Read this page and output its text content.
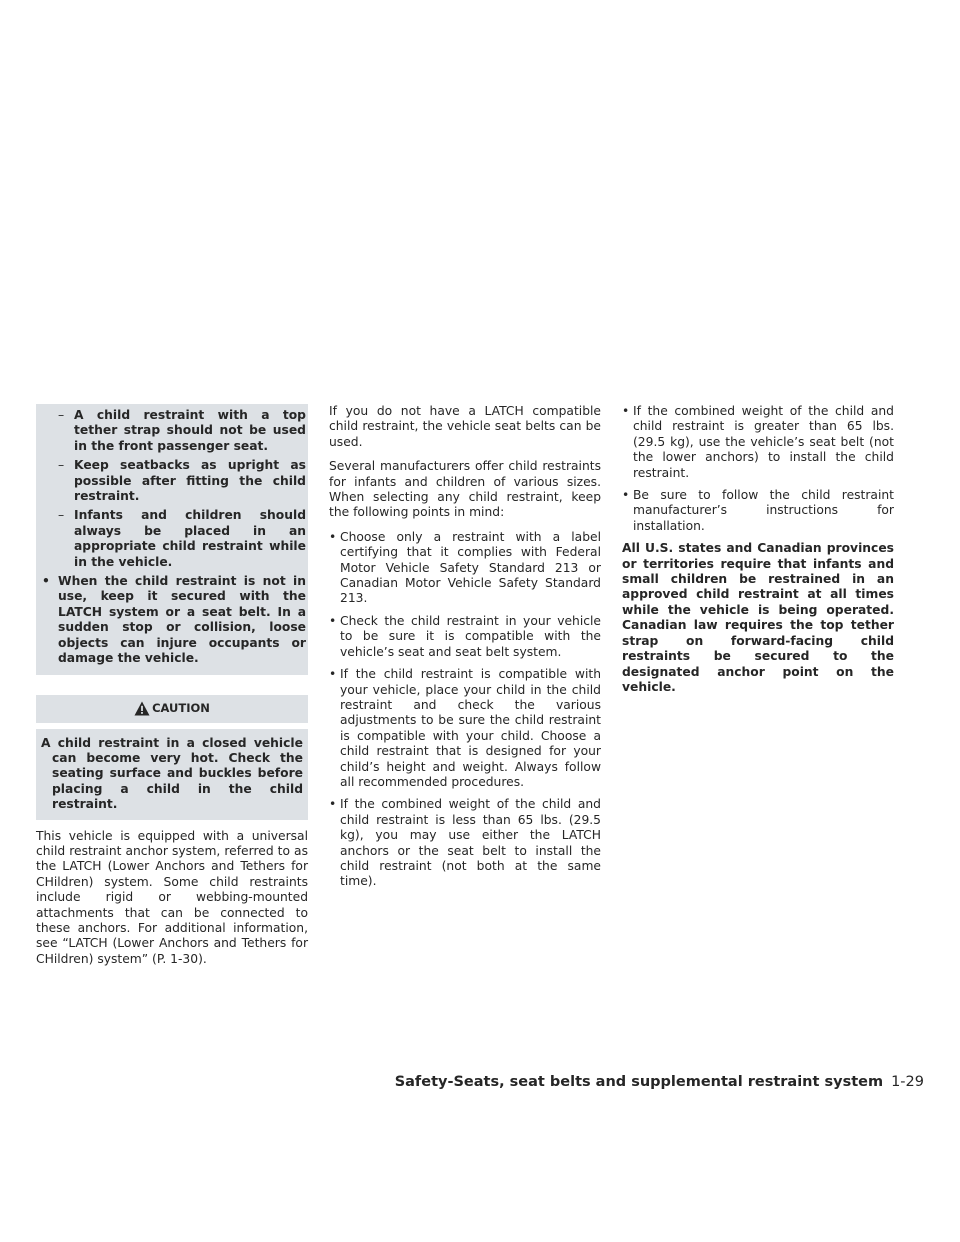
– A child restraint with a top tether strap should not be used in the front passenger seat.
– Keep seatbacks as upright as possible after fitting the child restraint.
– Infants and children should always be placed in an appropriate child restraint while in the vehicle.
• When the child restraint is not in use, keep it secured with the LATCH system or a seat belt. In a sudden stop or collision, loose objects can injure occupants or damage the vehicle.
CAUTION
A child restraint in a closed vehicle can become very hot. Check the seating surface and buckles before placing a child in the child restraint.

This vehicle is equipped with a universal child restraint anchor system, referred to as the LATCH (Lower Anchors and Tethers for CHildren) system. Some child restraints include rigid or webbing-mounted attachments that can be connected to these anchors. For additional information, see “LATCH (Lower Anchors and Tethers for CHildren) system” (P. 1-30).

If you do not have a LATCH compatible child restraint, the vehicle seat belts can be used.

Several manufacturers offer child restraints for infants and children of various sizes. When selecting any child restraint, keep the following points in mind:

• Choose only a restraint with a label certifying that it complies with Federal Motor Vehicle Safety Standard 213 or Canadian Motor Vehicle Safety Standard 213.
• Check the child restraint in your vehicle to be sure it is compatible with the vehicle’s seat and seat belt system.
• If the child restraint is compatible with your vehicle, place your child in the child restraint and check the various adjustments to be sure the child restraint is compatible with your child. Choose a child restraint that is designed for your child’s height and weight. Always follow all recommended procedures.
• If the combined weight of the child and child restraint is less than 65 lbs. (29.5 kg), you may use either the LATCH anchors or the seat belt to install the child restraint (not both at the same time).
• If the combined weight of the child and child restraint is greater than 65 lbs. (29.5 kg), use the vehicle’s seat belt (not the lower anchors) to install the child restraint.
• Be sure to follow the child restraint manufacturer’s instructions for installation.
All U.S. states and Canadian provinces or territories require that infants and small children be restrained in an approved child restraint at all times while the vehicle is being operated. Canadian law requires the top tether strap on forward-facing child restraints be secured to the designated anchor point on the vehicle.
Safety-Seats, seat belts and supplemental restraint system 1-29
